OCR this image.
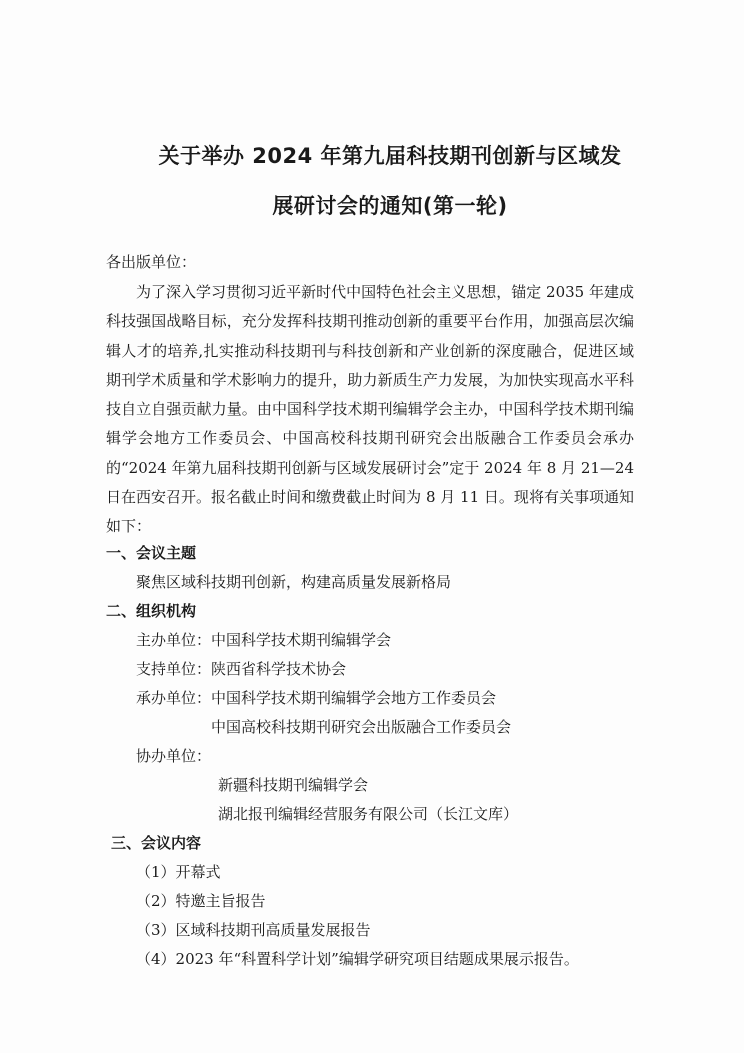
关于举办 2024 年第九届科技期刊创新与区域发
展研讨会的通知(第一轮)

各出版单位：

为了深入学习贯彻习近平新时代中国特色社会主义思想，锚定 2035 年建成科技强国战略目标，充分发挥科技期刊推动创新的重要平台作用，加强高层次编辑人才的培养,扎实推动科技期刊与科技创新和产业创新的深度融合，促进区域期刊学术质量和学术影响力的提升，助力新质生产力发展，为加快实现高水平科技自立自强贡献力量。由中国科学技术期刊编辑学会主办，中国科学技术期刊编辑学会地方工作委员会、中国高校科技期刊研究会出版融合工作委员会承办的“2024 年第九届科技期刊创新与区域发展研讨会”定于 2024 年 8 月 21—24 日在西安召开。报名截止时间和缴费截止时间为 8 月 11 日。现将有关事项通知如下：

一、会议主题

聚焦区域科技期刊创新，构建高质量发展新格局

二、组织机构

主办单位：中国科学技术期刊编辑学会

支持单位：陕西省科学技术协会

承办单位：中国科学技术期刊编辑学会地方工作委员会

中国高校科技期刊研究会出版融合工作委员会

协办单位：

新疆科技期刊编辑学会

湖北报刊编辑经营服务有限公司（长江文库）

三、会议内容

（1）开幕式

（2）特邀主旨报告

（3）区域科技期刊高质量发展报告

（4）2023 年“科置科学计划”编辑学研究项目结题成果展示报告。
